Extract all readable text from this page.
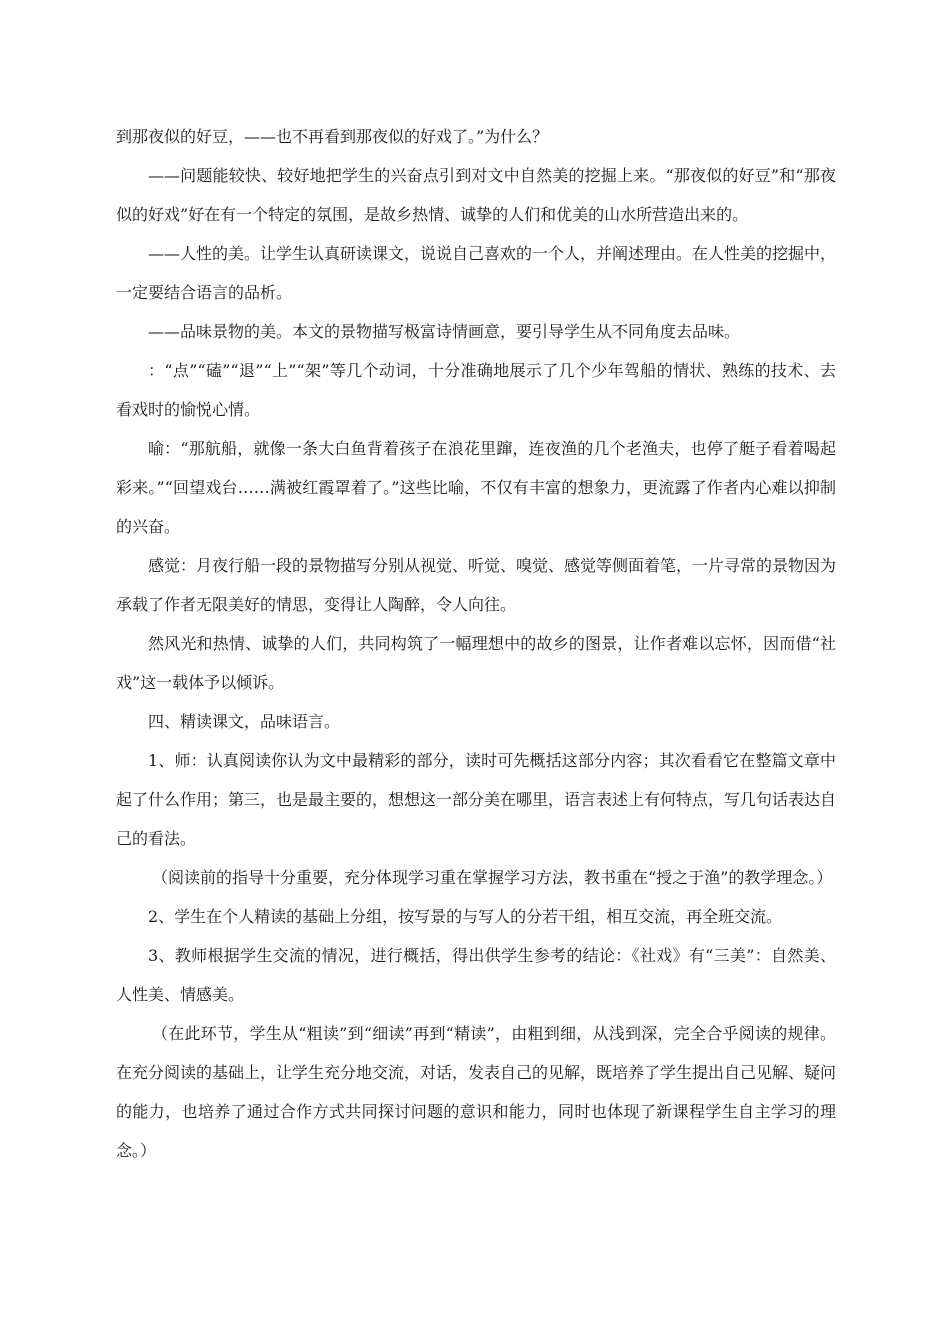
到那夜似的好豆，——也不再看到那夜似的好戏了。”为什么？

——问题能较快、较好地把学生的兴奋点引到对文中自然美的挖掘上来。“那夜似的好豆”和“那夜似的好戏”好在有一个特定的氛围，是故乡热情、诚挚的人们和优美的山水所营造出来的。

——人性的美。让学生认真研读课文，说说自己喜欢的一个人，并阐述理由。在人性美的挖掘中，一定要结合语言的品析。

——品味景物的美。本文的景物描写极富诗情画意，要引导学生从不同角度去品味。

：“点”“磕”“退”“上”“架”等几个动词，十分准确地展示了几个少年驾船的情状、熟练的技术、去看戏时的愉悦心情。

喻：“那航船，就像一条大白鱼背着孩子在浪花里蹿，连夜渔的几个老渔夫，也停了艇子看着喝起彩来。”“回望戏台……满被红霞罩着了。”这些比喻，不仅有丰富的想象力，更流露了作者内心难以抑制的兴奋。

感觉：月夜行船一段的景物描写分别从视觉、听觉、嗅觉、感觉等侧面着笔，一片寻常的景物因为承载了作者无限美好的情思，变得让人陶醉，令人向往。

然风光和热情、诚挚的人们，共同构筑了一幅理想中的故乡的图景，让作者难以忘怀，因而借“社戏”这一载体予以倾诉。

四、精读课文，品味语言。

1、师：认真阅读你认为文中最精彩的部分，读时可先概括这部分内容；其次看看它在整篇文章中起了什么作用；第三，也是最主要的，想想这一部分美在哪里，语言表述上有何特点，写几句话表达自己的看法。

（阅读前的指导十分重要，充分体现学习重在掌握学习方法，教书重在“授之于渔”的教学理念。）

2、学生在个人精读的基础上分组，按写景的与写人的分若干组，相互交流，再全班交流。

3、教师根据学生交流的情况，进行概括，得出供学生参考的结论：《社戏》有“三美”：自然美、人性美、情感美。

（在此环节，学生从“粗读”到“细读”再到“精读”，由粗到细，从浅到深，完全合乎阅读的规律。在充分阅读的基础上，让学生充分地交流，对话，发表自己的见解，既培养了学生提出自己见解、疑问的能力，也培养了通过合作方式共同探讨问题的意识和能力，同时也体现了新课程学生自主学习的理念。）
